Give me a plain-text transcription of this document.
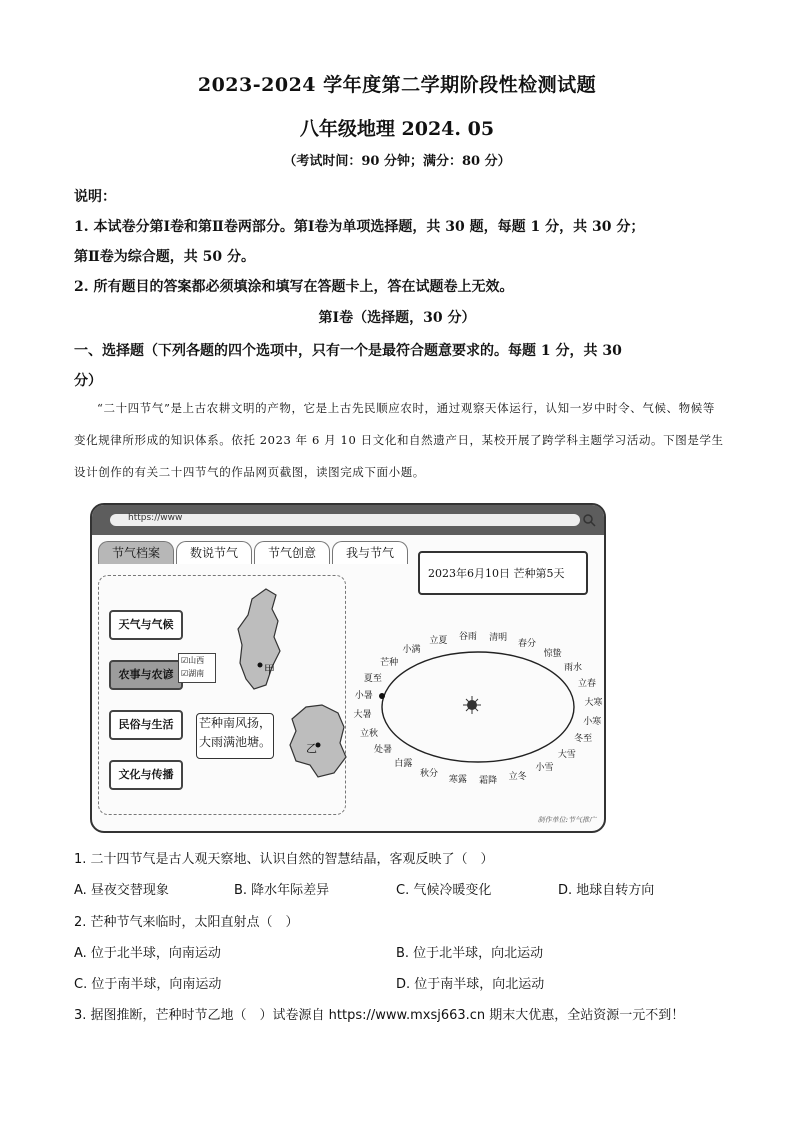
2023-2024 学年度第二学期阶段性检测试题
八年级地理 2024. 05
（考试时间：90 分钟；满分：80 分）
说明：
1. 本试卷分第Ⅰ卷和第Ⅱ卷两部分。第Ⅰ卷为单项选择题，共 30 题，每题 1 分，共 30 分；
第Ⅱ卷为综合题，共 50 分。
2. 所有题目的答案都必须填涂和填写在答题卡上，答在试题卷上无效。
第Ⅰ卷（选择题，30 分）
一、选择题（下列各题的四个选项中，只有一个是最符合题意要求的。每题 1 分，共 30
分）
“二十四节气”是上古农耕文明的产物，它是上古先民顺应农时，通过观察天体运行，认知一岁中时令、气候、物候等变化规律所形成的知识体系。依托 2023 年 6 月 10 日文化和自然遗产日，某校开展了跨学科主题学习活动。下图是学生设计创作的有关二十四节气的作品网页截图，读图完成下面小题。
https://www
节气档案	数说节气	节气创意	我与节气
天气与气候
农事与农谚
民俗与生活
文化与传播
☑山西
☑湖南	甲
乙
芒种南风扬，
大雨满池塘。
2023年6月10日 芒种第5天
立夏 谷雨 清明
春分
惊蛰
雨水
立春
大寒
小寒
冬至
大雪
小雪
立冬
霜降
寒露
秋分
白露
处暑
立秋
大暑
小暑
夏至
芒种
小满
制作单位:节气推广
1. 二十四节气是古人观天察地、认识自然的智慧结晶，客观反映了（　）
A. 昼夜交替现象	B. 降水年际差异	C. 气候冷暖变化	D. 地球自转方向
2. 芒种节气来临时，太阳直射点（　）
A. 位于北半球，向南运动	B. 位于北半球，向北运动
C. 位于南半球，向南运动	D. 位于南半球，向北运动
3. 据图推断，芒种时节乙地（　）试卷源自 https://www.mxsj663.cn 期末大优惠，全站资源一元不到！
